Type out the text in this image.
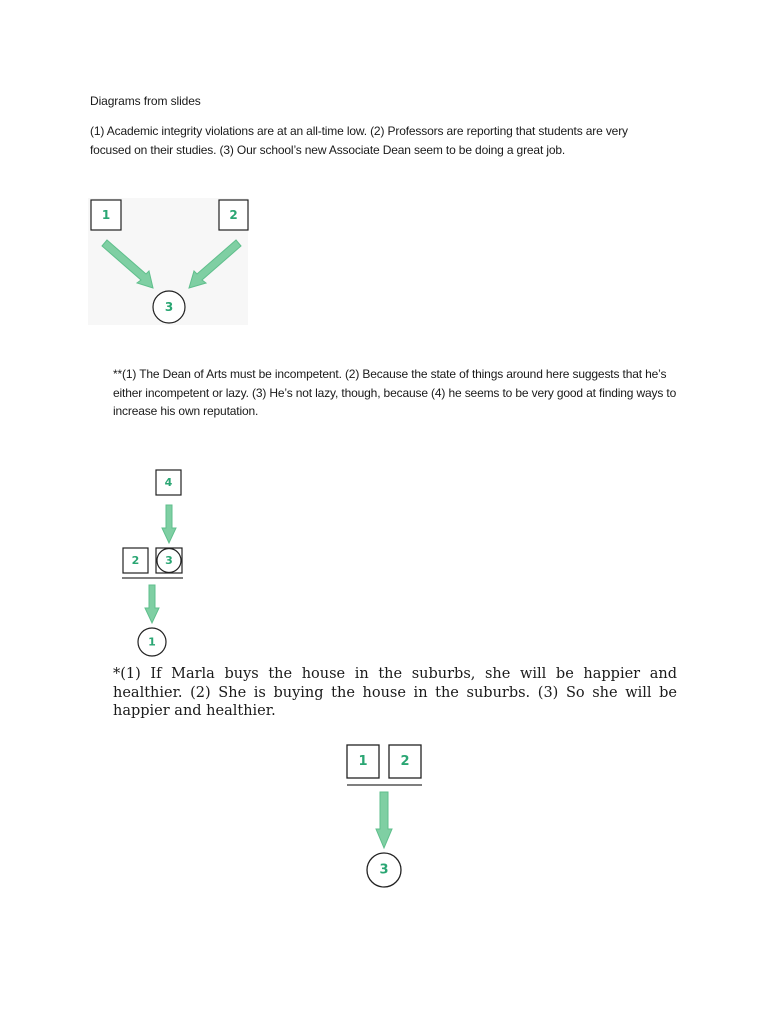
Diagrams from slides
(1) Academic integrity violations are at an all-time low. (2) Professors are reporting that students are very focused on their studies. (3) Our school’s new Associate Dean seem to be doing a great job.
1	2
3
**(1) The Dean of Arts must be incompetent. (2) Because the state of things around here suggests that he’s either incompetent or lazy. (3) He’s not lazy, though, because (4) he seems to be very good at finding ways to increase his own reputation.
4
2 3
1
*(1) If Marla buys the house in the suburbs, she will be happier and
healthier. (2) She is buying the house in the suburbs. (3) So she will be
happier and healthier.
1	2
3
